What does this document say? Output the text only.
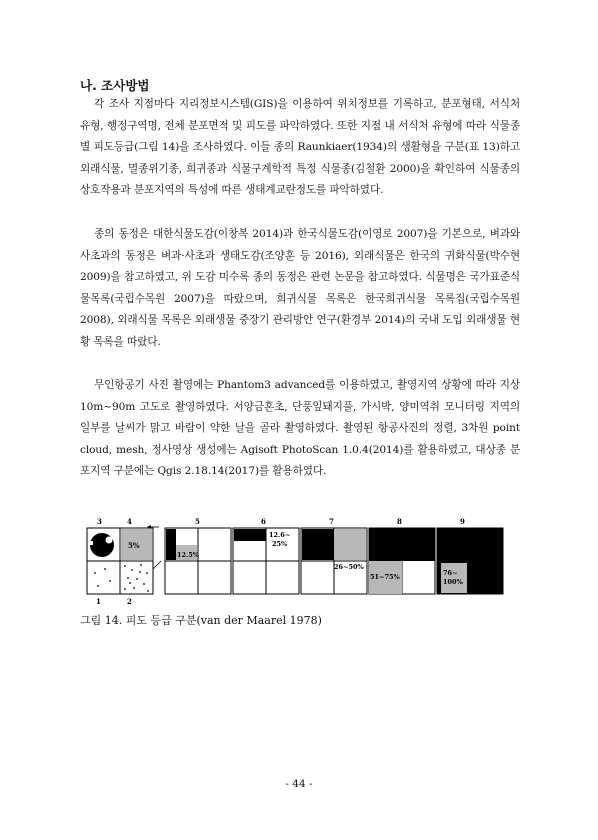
나. 조사방법

각 조사 지점마다 지리정보시스템(GIS)을 이용하여 위치정보를 기록하고, 분포형태, 서식처 유형, 행정구역명, 전체 분포면적 및 피도를 파악하였다. 또한 지점 내 서식처 유형에 따라 식물종별 피도등급(그림 14)을 조사하였다. 이들 종의 Raunkiaer(1934)의 생활형을 구분(표 13)하고 외래식물, 멸종위기종, 희귀종과 식물구계학적 특정 식물종(김철환 2000)을 확인하여 식물종의 상호작용과 분포지역의 특성에 따른 생태계교란정도를 파악하였다.

종의 동정은 대한식물도감(이창복 2014)과 한국식물도감(이영로 2007)을 기본으로, 벼과와 사초과의 동정은 벼과·사초과 생태도감(조양훈 등 2016), 외래식물은 한국의 귀화식물(박수현 2009)을 참고하였고, 위 도감 미수록 종의 동정은 관련 논문을 참고하였다. 식물명은 국가표준식물목록(국립수목원 2007)을 따랐으며, 희귀식물 목록은 한국희귀식물 목록집(국립수목원 2008), 외래식물 목록은 외래생물 중장기 관리방안 연구(환경부 2014)의 국내 도입 외래생물 현황 목록을 따랐다.

무인항공기 사진 촬영에는 Phantom3 advanced를 이용하였고, 촬영지역 상황에 따라 지상 10m~90m 고도로 촬영하였다. 서양금혼초, 단풍잎돼지풀, 가시박, 양미역취 모니터링 지역의 일부를 날씨가 맑고 바람이 약한 날을 골라 촬영하였다. 촬영된 항공사진의 정렬, 3차원 point cloud, mesh, 정사영상 생성에는 Agisoft PhotoScan 1.0.4(2014)를 활용하였고, 대상종 분포지역 구분에는 Qgis 2.18.14(2017)를 활용하였다.

3	4	5	6	7	8	9
1	2
5%
6~12.5%
12.6~ 25%
26~50%
51~75%	76~ 100%
그림 14. 피도 등급 구분(van der Maarel 1978)
- 44 -
